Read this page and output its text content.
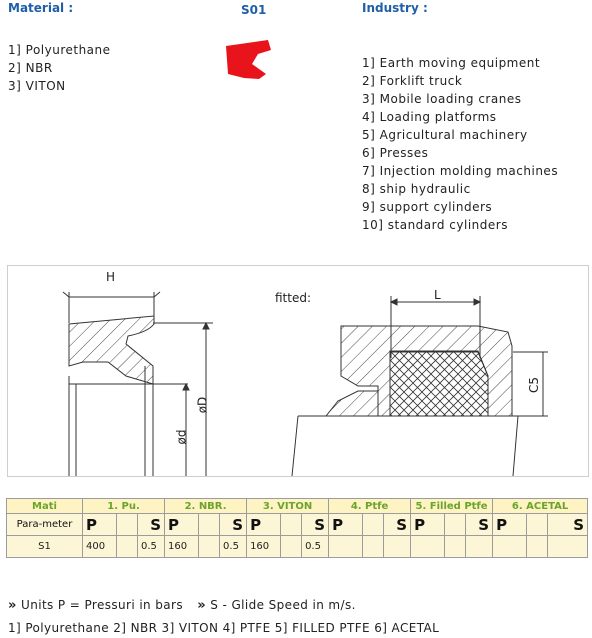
Material :
1] Polyurethane
2] NBR
3] VITON
S01	Industry :
1] Earth moving equipment
2] Forklift truck
3] Mobile loading cranes
4] Loading platforms
5] Agricultural machinery
6] Presses
7] Injection molding machines
8] ship hydraulic
9] support cylinders
10] standard cylinders
H
øD
ød
fitted:	L
C5
Mati	1. Pu.			2. NBR.			3. VITON			4. Ptfe			5. Filled Ptfe			6. ACETAL		
Para-meter	P		S	P		S	P		S	P		S	P		S	P		S
S1	400		0.5	160		0.5	160		0.5									
» Units P = Pressuri in bars » S - Glide Speed in m/s.
1] Polyurethane 2] NBR 3] VITON 4] PTFE 5] FILLED PTFE 6] ACETAL
